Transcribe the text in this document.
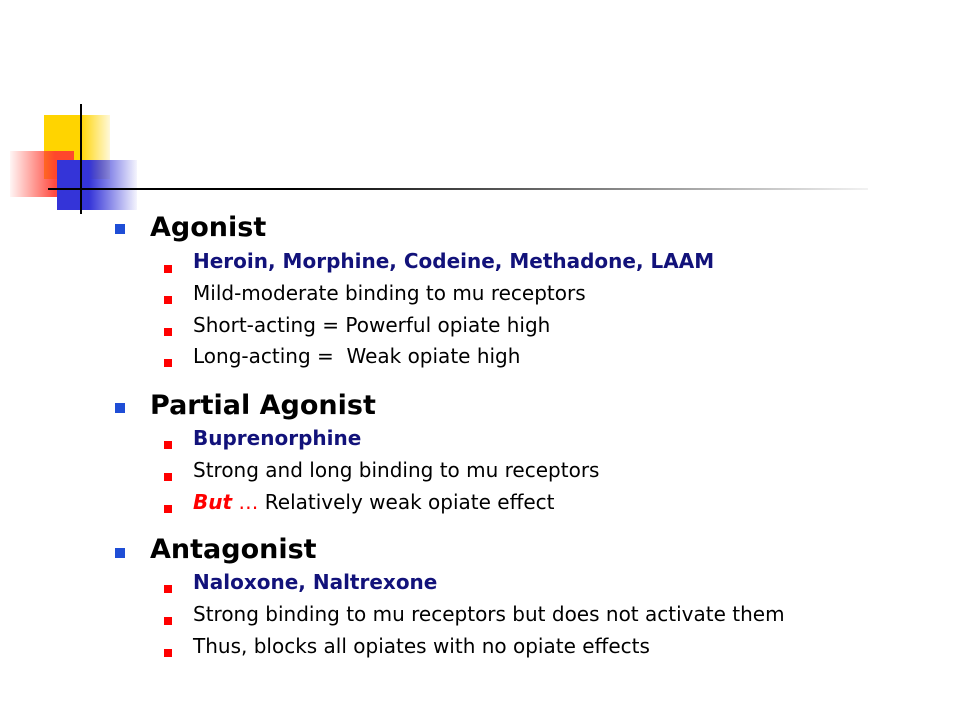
Agonist
Heroin, Morphine, Codeine, Methadone, LAAM
Mild-moderate binding to mu receptors
Short-acting = Powerful opiate high
Long-acting =  Weak opiate high
Partial Agonist
Buprenorphine
Strong and long binding to mu receptors
But … Relatively weak opiate effect
Antagonist
Naloxone, Naltrexone
Strong binding to mu receptors but does not activate them
Thus, blocks all opiates with no opiate effects
